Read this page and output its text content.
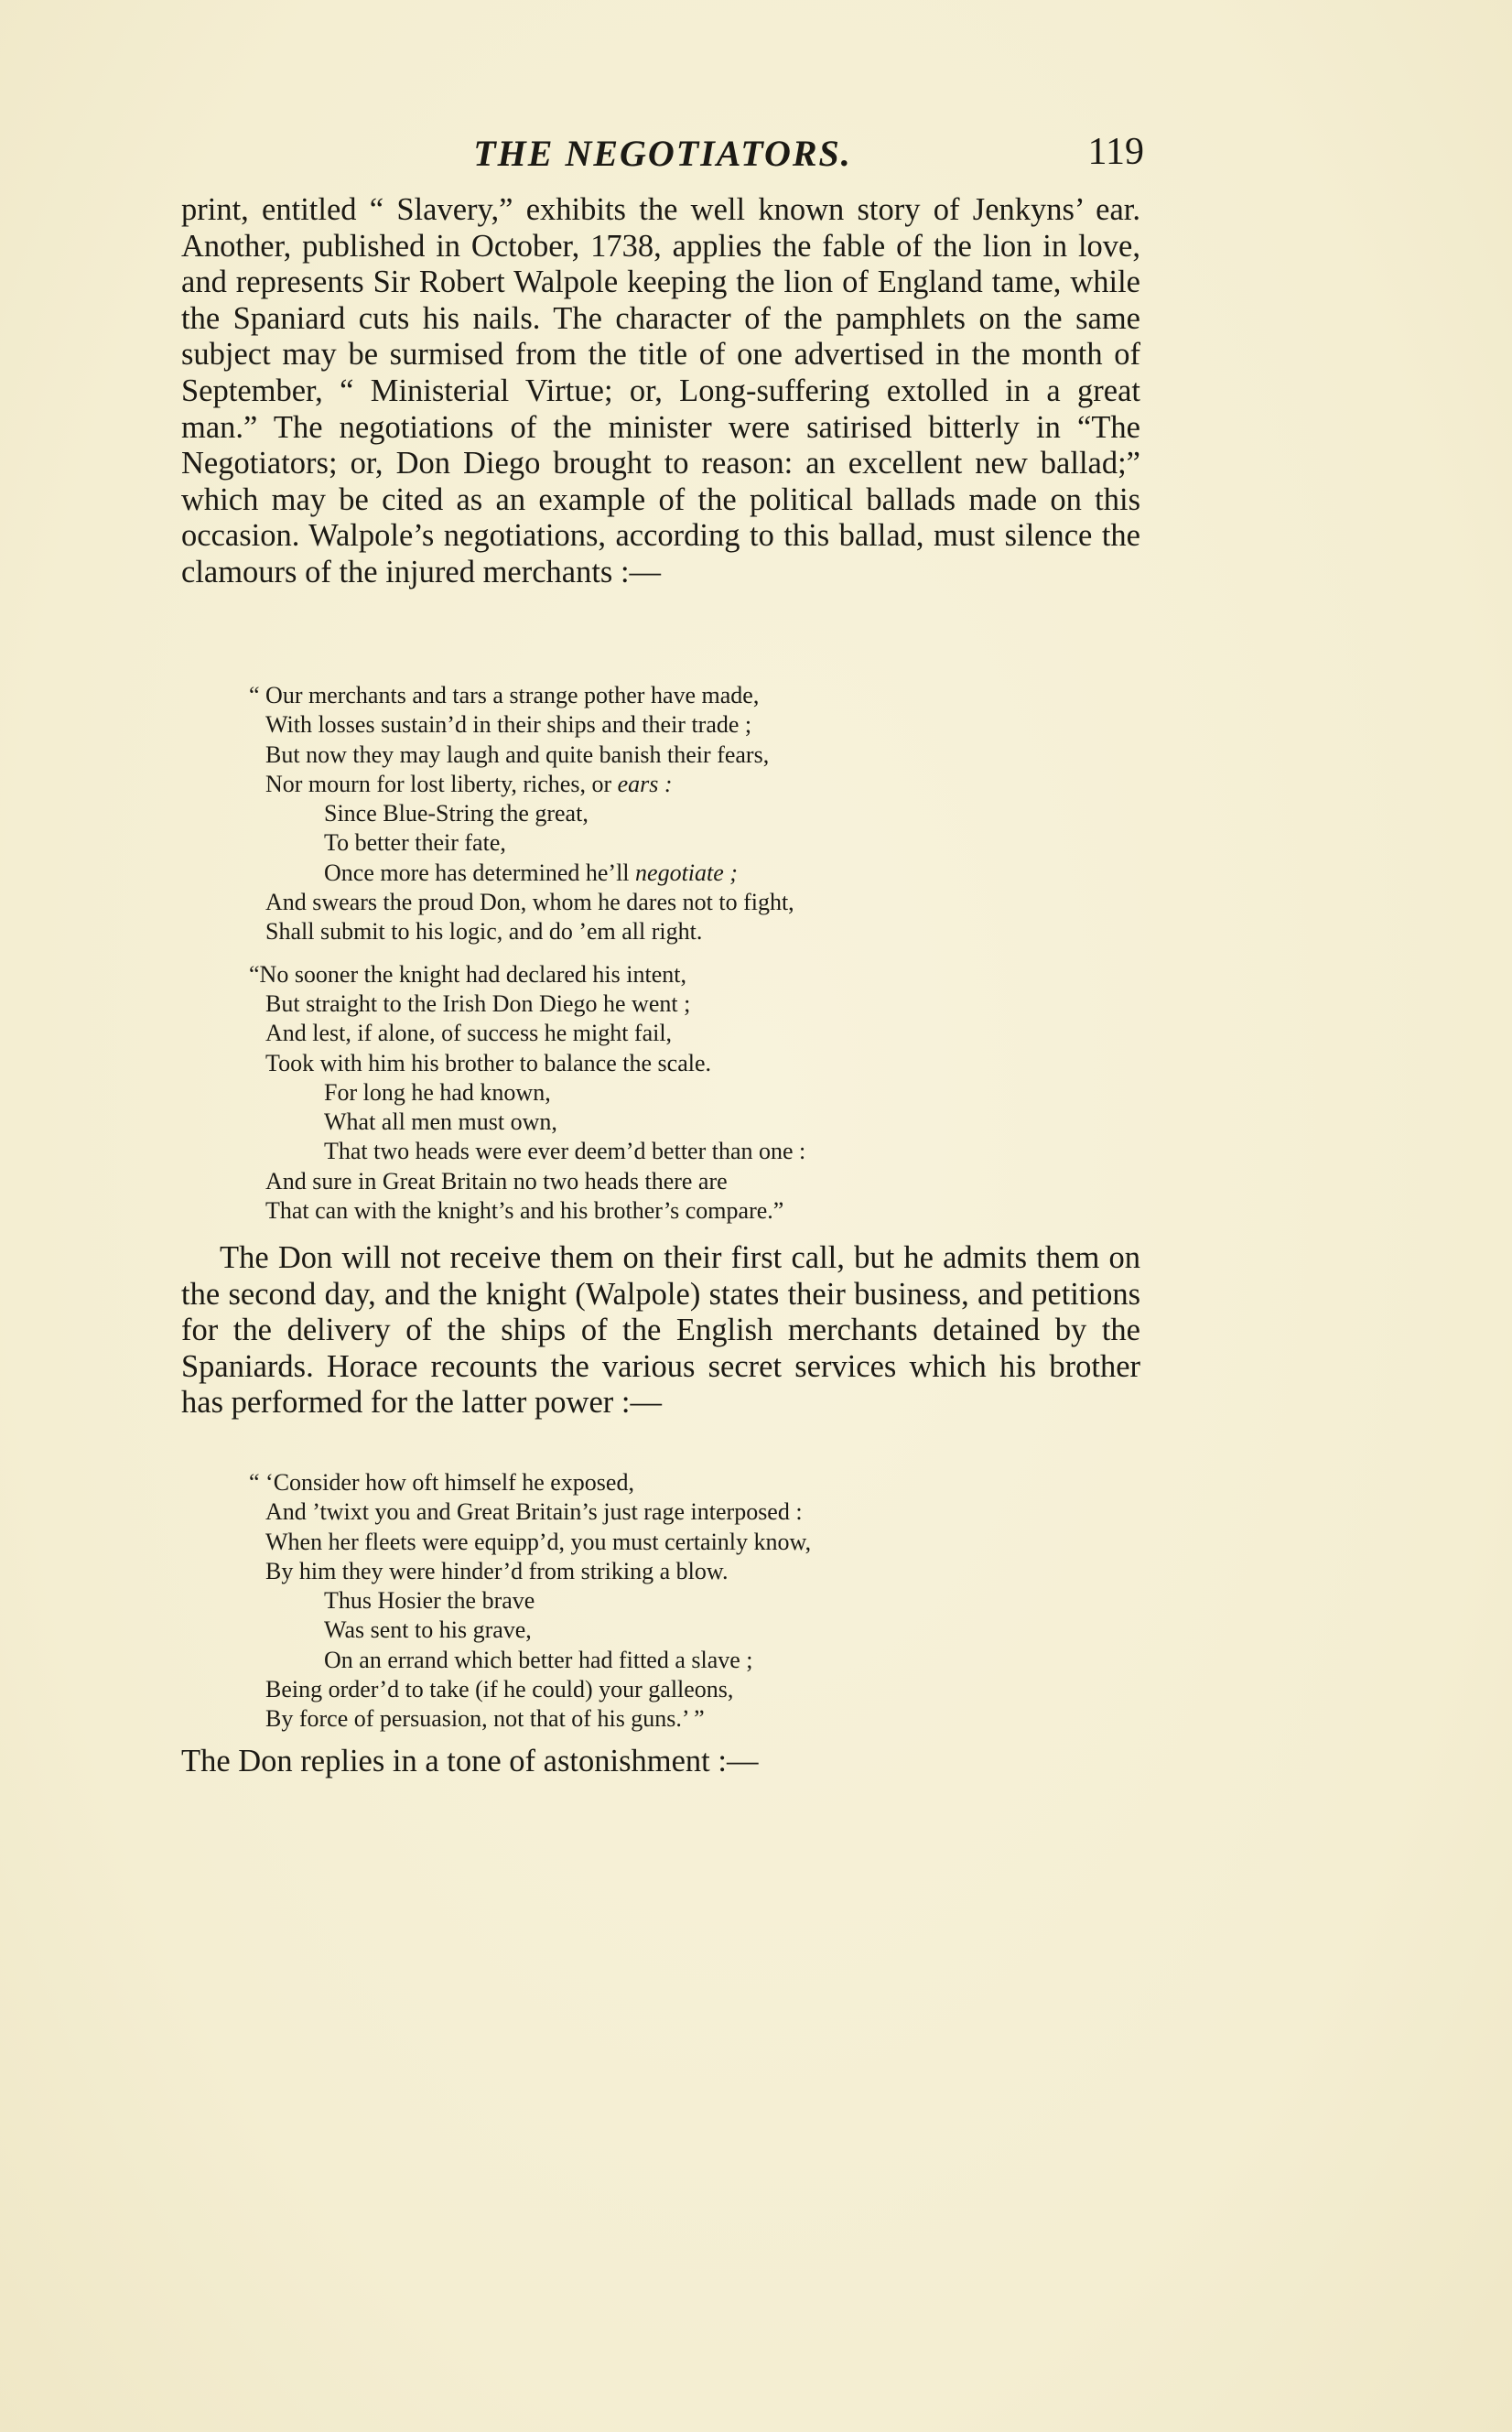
THE NEGOTIATORS.	119

print, entitled “ Slavery,” exhibits the well known story of Jenkyns’ ear. Another, published in October, 1738, applies the fable of the lion in love, and represents Sir Robert Walpole keeping the lion of England tame, while the Spaniard cuts his nails. The character of the pamphlets on the same subject may be surmised from the title of one advertised in the month of September, “ Ministerial Virtue; or, Long-suffering extolled in a great man.” The negotiations of the minister were satirised bitterly in “The Negotiators; or, Don Diego brought to reason: an excellent new ballad;” which may be cited as an example of the political ballads made on this occasion. Walpole’s negotiations, according to this ballad, must silence the clamours of the injured merchants :—

“ Our merchants and tars a strange pother have made,
With losses sustain’d in their ships and their trade ;
But now they may laugh and quite banish their fears,
Nor mourn for lost liberty, riches, or ears :
Since Blue-String the great,
To better their fate,
Once more has determined he’ll negotiate ;
And swears the proud Don, whom he dares not to fight,
Shall submit to his logic, and do ’em all right.
“No sooner the knight had declared his intent,
But straight to the Irish Don Diego he went ;
And lest, if alone, of success he might fail,
Took with him his brother to balance the scale.
For long he had known,
What all men must own,
That two heads were ever deem’d better than one :
And sure in Great Britain no two heads there are
That can with the knight’s and his brother’s compare.”

The Don will not receive them on their first call, but he admits them on the second day, and the knight (Walpole) states their business, and petitions for the delivery of the ships of the English merchants detained by the Spaniards. Horace recounts the various secret services which his brother has performed for the latter power :—

“ ‘Consider how oft himself he exposed,
And ’twixt you and Great Britain’s just rage interposed :
When her fleets were equipp’d, you must certainly know,
By him they were hinder’d from striking a blow.
Thus Hosier the brave
Was sent to his grave,
On an errand which better had fitted a slave ;
Being order’d to take (if he could) your galleons,
By force of persuasion, not that of his guns.’ ”

The Don replies in a tone of astonishment :—
